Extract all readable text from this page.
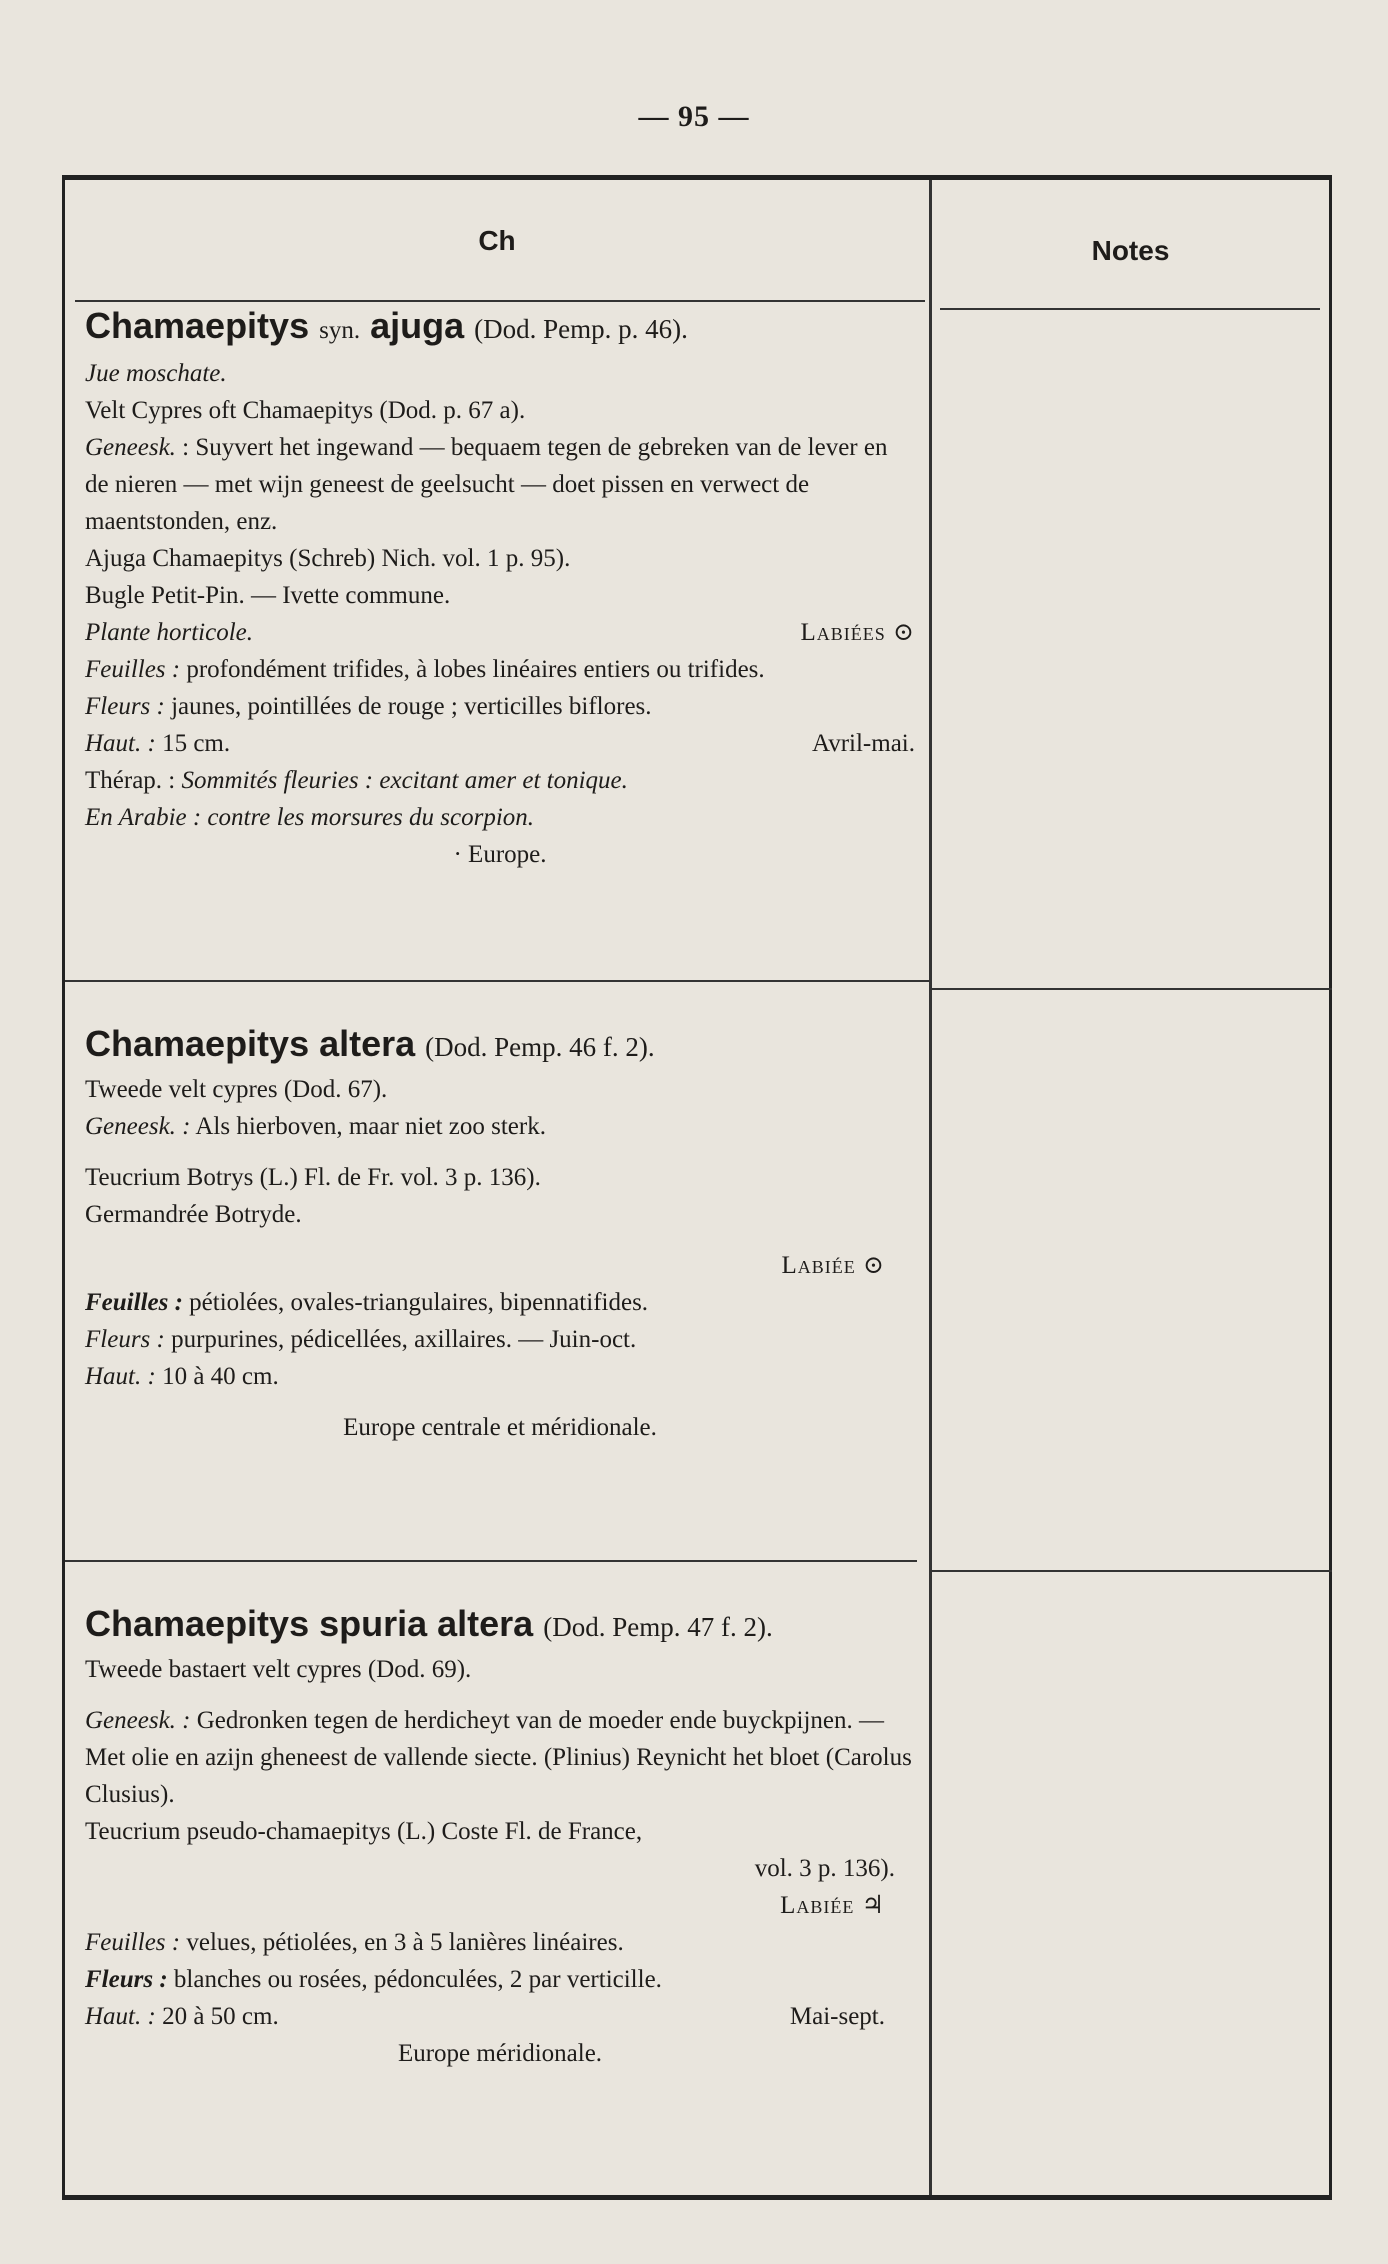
— 95 —
Ch	Notes

Chamaepitys syn. ajuga (Dod. Pemp. p. 46).

Jue moschate.

Velt Cypres oft Chamaepitys (Dod. p. 67 a).

Geneesk. : Suyvert het ingewand — bequaem tegen de gebreken van de lever en de nieren — met wijn geneest de geelsucht — doet pissen en verwect de maentstonden, enz.

Ajuga Chamaepitys (Schreb) Nich. vol. 1 p. 95).

Bugle Petit-Pin. — Ivette commune.

Plante horticole.	Labiées ⊙

Feuilles : profondément trifides, à lobes linéaires entiers ou trifides.

Fleurs : jaunes, pointillées de rouge ; verticilles biflores.

Haut. : 15 cm.	Avril-mai.

Thérap. : Sommités fleuries : excitant amer et tonique.

En Arabie : contre les morsures du scorpion.

· Europe.

Chamaepitys altera (Dod. Pemp. 46 f. 2).

Tweede velt cypres (Dod. 67).

Geneesk. : Als hierboven, maar niet zoo sterk.

Teucrium Botrys (L.) Fl. de Fr. vol. 3 p. 136).

Germandrée Botryde.

Labiée ⊙

Feuilles : pétiolées, ovales-triangulaires, bipennatifides.

Fleurs : purpurines, pédicellées, axillaires. — Juin-oct.

Haut. : 10 à 40 cm.

Europe centrale et méridionale.

Chamaepitys spuria altera (Dod. Pemp. 47 f. 2).

Tweede bastaert velt cypres (Dod. 69).

Geneesk. : Gedronken tegen de herdicheyt van de moeder ende buyckpijnen. — Met olie en azijn gheneest de vallende siecte. (Plinius) Reynicht het bloet (Carolus Clusius).

Teucrium pseudo-chamaepitys (L.) Coste Fl. de France,

vol. 3 p. 136).

Labiée ♃

Feuilles : velues, pétiolées, en 3 à 5 lanières linéaires.

Fleurs : blanches ou rosées, pédonculées, 2 par verticille.

Haut. : 20 à 50 cm.	Mai-sept.

Europe méridionale.
